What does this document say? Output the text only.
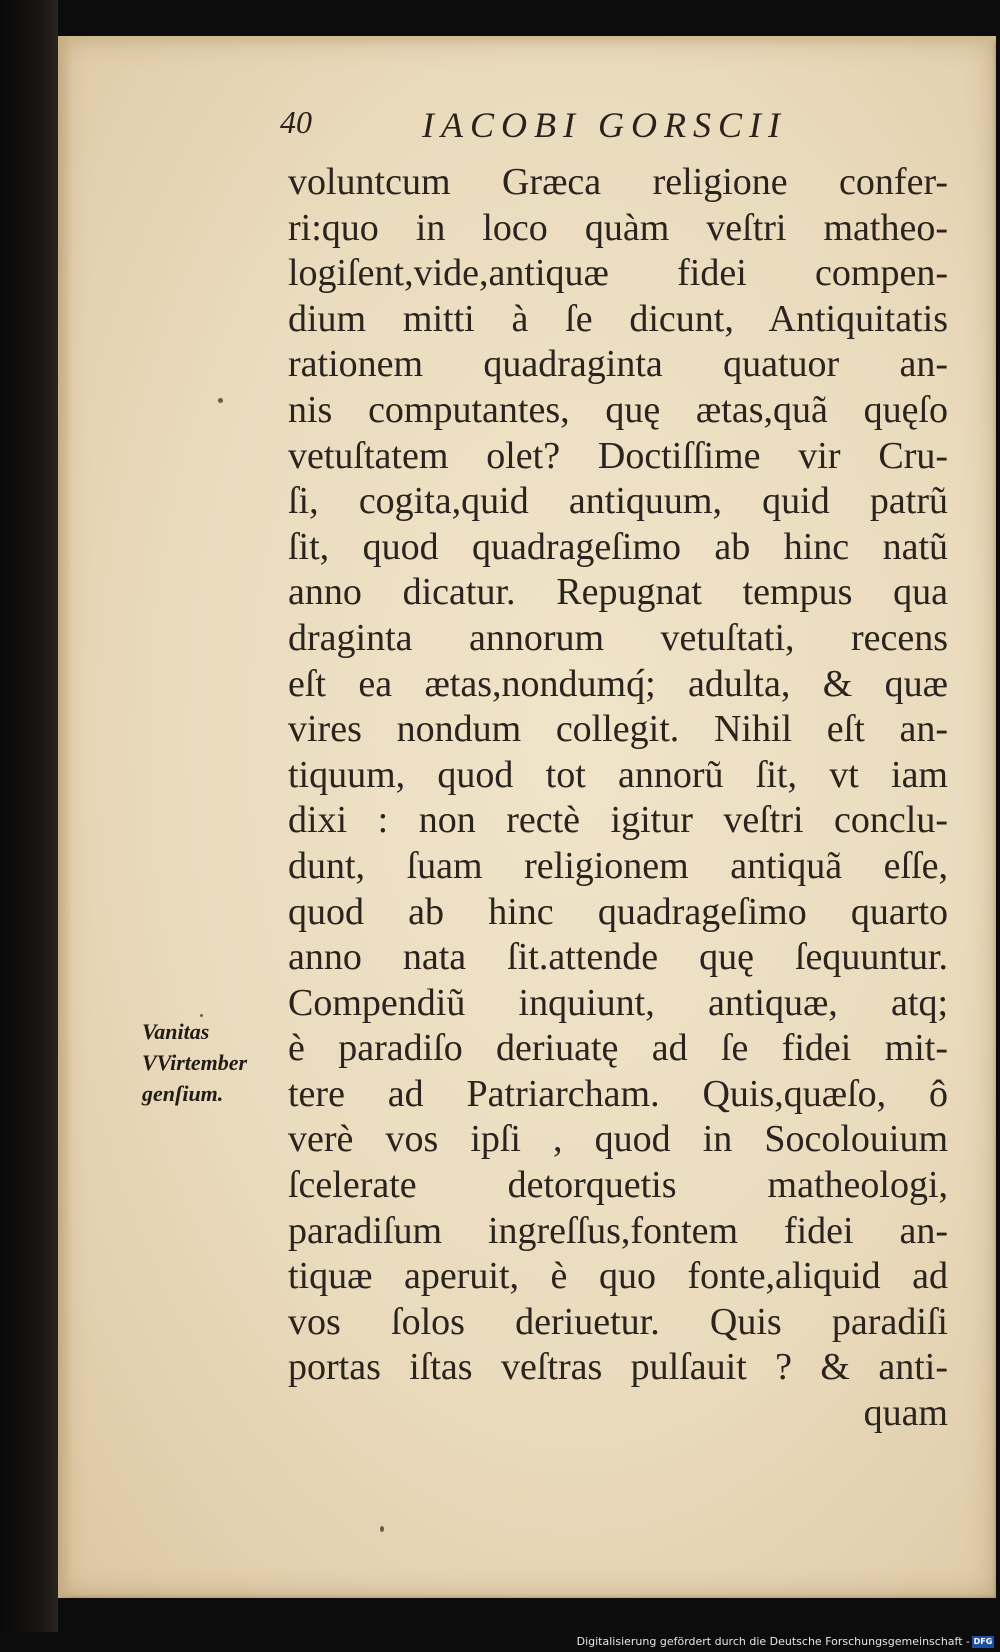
40	IACOBI GORSCII
voluntcum Græca religione confer-
ri:quo in loco quàm veſtri matheo-
logiſent,vide,antiquæ fidei compen-
dium mitti à ſe dicunt, Antiquitatis
rationem quadraginta quatuor an-
nis computantes, quę ætas,quã quęſo
vetuſtatem olet? Doctiſſime vir Cru-
ſi, cogita,quid antiquum, quid patrũ
ſit, quod quadrageſimo ab hinc natũ
anno dicatur. Repugnat tempus qua
draginta annorum vetuſtati, recens
eſt ea ætas,nondumq́; adulta, & quæ
vires nondum collegit. Nihil eſt an-
tiquum, quod tot annorũ ſit, vt iam
dixi : non rectè igitur veſtri conclu-
dunt, ſuam religionem antiquã eſſe,
quod ab hinc quadrageſimo quarto
anno nata ſit.attende quę ſequuntur.
Compendiũ inquiunt, antiquæ, atq;
è paradiſo deriuatę ad ſe fidei mit-
tere ad Patriarcham. Quis,quæſo, ô
verè vos ipſi , quod in Socolouium
ſcelerate detorquetis matheologi,
paradiſum ingreſſus,fontem fidei an-
tiquæ aperuit, è quo fonte,aliquid ad
vos ſolos deriuetur. Quis paradiſi
portas iſtas veſtras pulſauit ? & anti-
quam
Vanitas
VVirtember
genſium.
Digitalisierung gefördert durch die Deutsche Forschungsgemeinschaft - DFG
